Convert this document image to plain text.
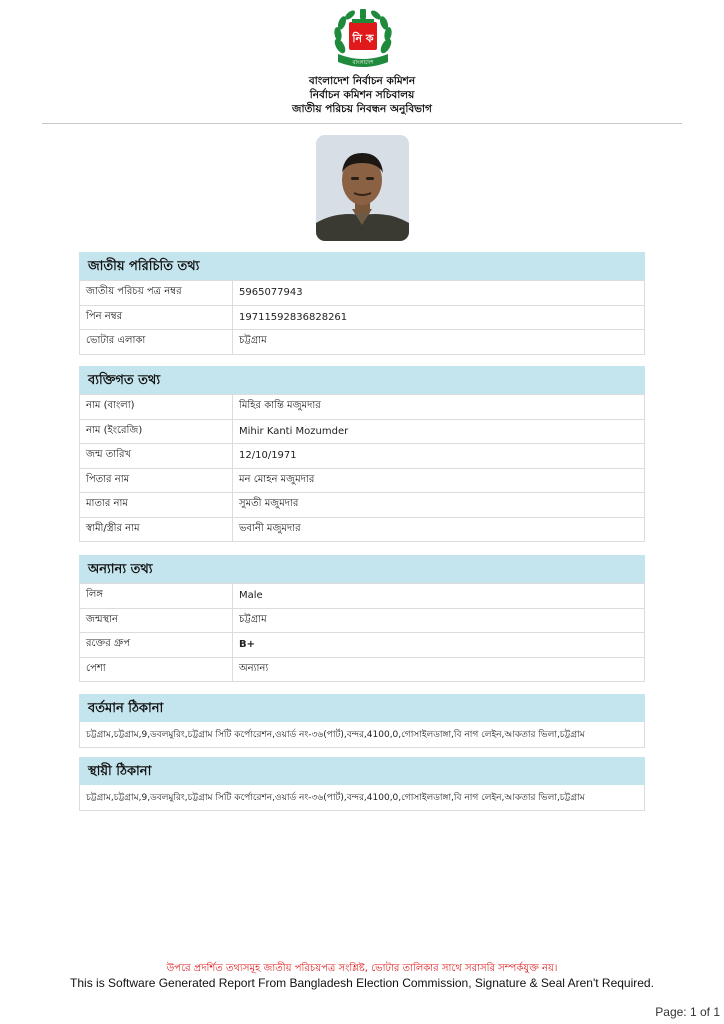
নি ক
বাংলাদেশ
বাংলাদেশ নির্বাচন কমিশন
নির্বাচন কমিশন সচিবালয়
জাতীয় পরিচয় নিবন্ধন অনুবিভাগ
জাতীয় পরিচিতি তথ্য
জাতীয় পরিচয় পত্র নম্বর	5965077943
পিন নম্বর	19711592836828261
ভোটার এলাকা	চট্টগ্রাম
ব্যক্তিগত তথ্য
নাম (বাংলা)	মিহির কান্তি মজুমদার
নাম (ইংরেজি)	Mihir Kanti Mozumder
জন্ম তারিখ	12/10/1971
পিতার নাম	মন মোহন মজুমদার
মাতার নাম	সুমতী মজুমদার
স্বামী/স্ত্রীর নাম	ভবানী মজুমদার
অন্যান্য তথ্য
লিঙ্গ	Male
জন্মস্থান	চট্টগ্রাম
রক্তের গ্রুপ	B+
পেশা	অন্যান্য
বর্তমান ঠিকানা
চট্টগ্রাম,চট্টগ্রাম,9,ডবলমুরিং,চট্টগ্রাম সিটি কর্পোরেশন,ওয়ার্ড নং-৩৬(পার্ট),বন্দর,4100,0,গোসাইলডাঙ্গা,বি নাগ লেইন,আকতার ভিলা,চট্টগ্রাম
স্থায়ী ঠিকানা
চট্টগ্রাম,চট্টগ্রাম,9,ডবলমুরিং,চট্টগ্রাম সিটি কর্পোরেশন,ওয়ার্ড নং-৩৬(পার্ট),বন্দর,4100,0,গোসাইলডাঙ্গা,বি নাগ লেইন,আকতার ভিলা,চট্টগ্রাম
উপরে প্রদর্শিত তথ্যসমূহ জাতীয় পরিচয়পত্র সংশ্লিষ্ট, ভোটার তালিকার সাথে সরাসরি সম্পর্কযুক্ত নয়।
This is Software Generated Report From Bangladesh Election Commission, Signature & Seal Aren't Required.
Page: 1 of 1
